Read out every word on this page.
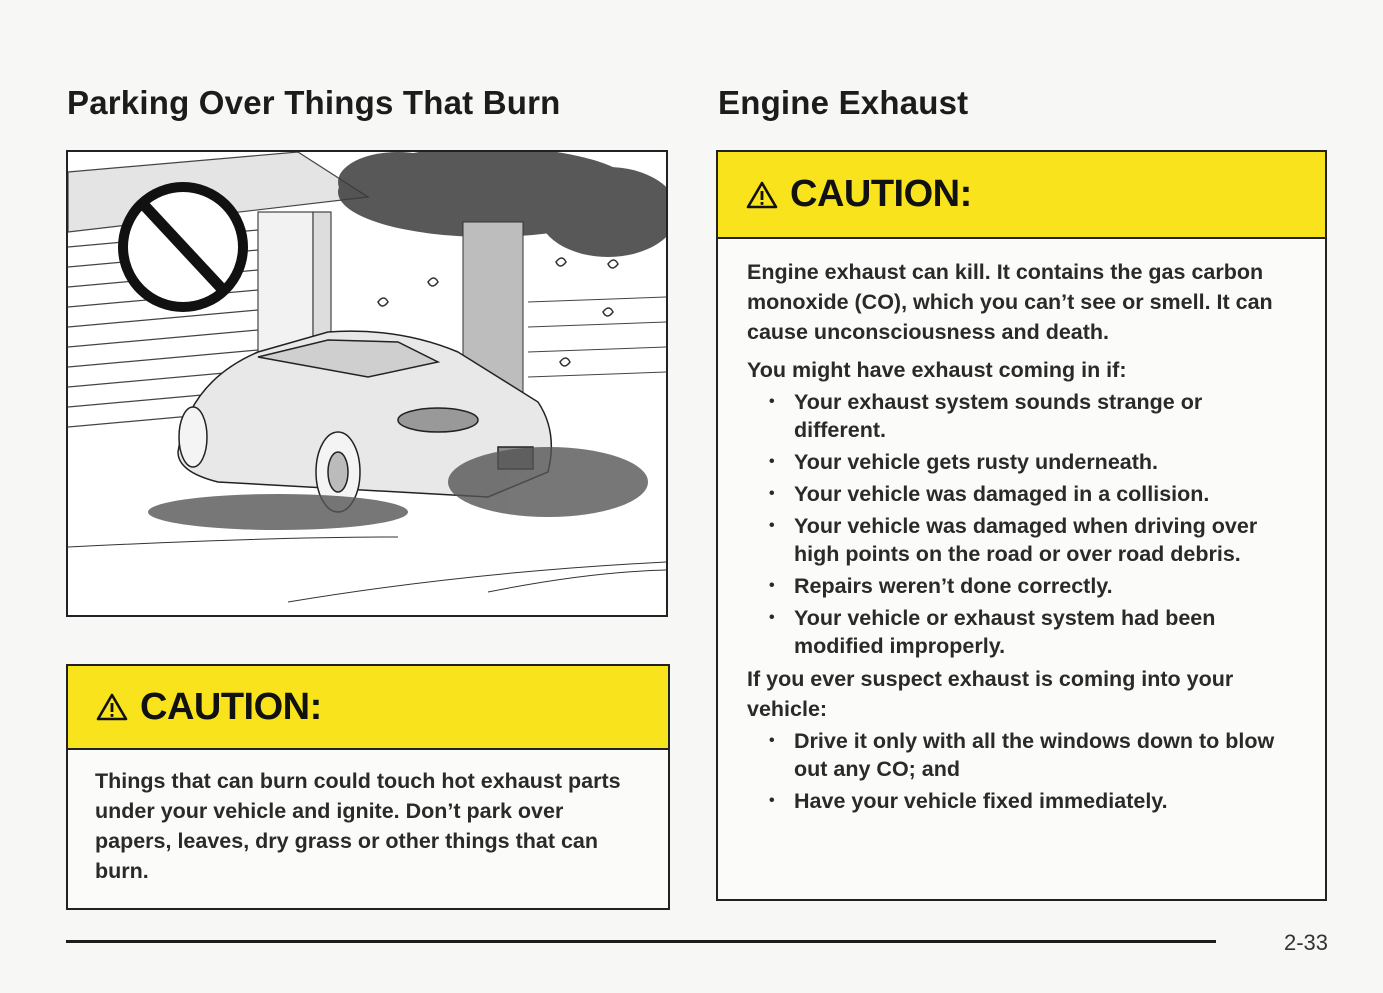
Parking Over Things That Burn	Engine Exhaust
CAUTION:

Things that can burn could touch hot exhaust parts under your vehicle and ignite. Don’t park over papers, leaves, dry grass or other things that can burn.

CAUTION:

Engine exhaust can kill. It contains the gas carbon monoxide (CO), which you can’t see or smell. It can cause unconsciousness and death.

You might have exhaust coming in if:

• Your exhaust system sounds strange or different.
• Your vehicle gets rusty underneath.
• Your vehicle was damaged in a collision.
• Your vehicle was damaged when driving over high points on the road or over road debris.
• Repairs weren’t done correctly.
• Your vehicle or exhaust system had been modified improperly.

If you ever suspect exhaust is coming into your vehicle:

• Drive it only with all the windows down to blow out any CO; and
• Have your vehicle fixed immediately.
2-33
